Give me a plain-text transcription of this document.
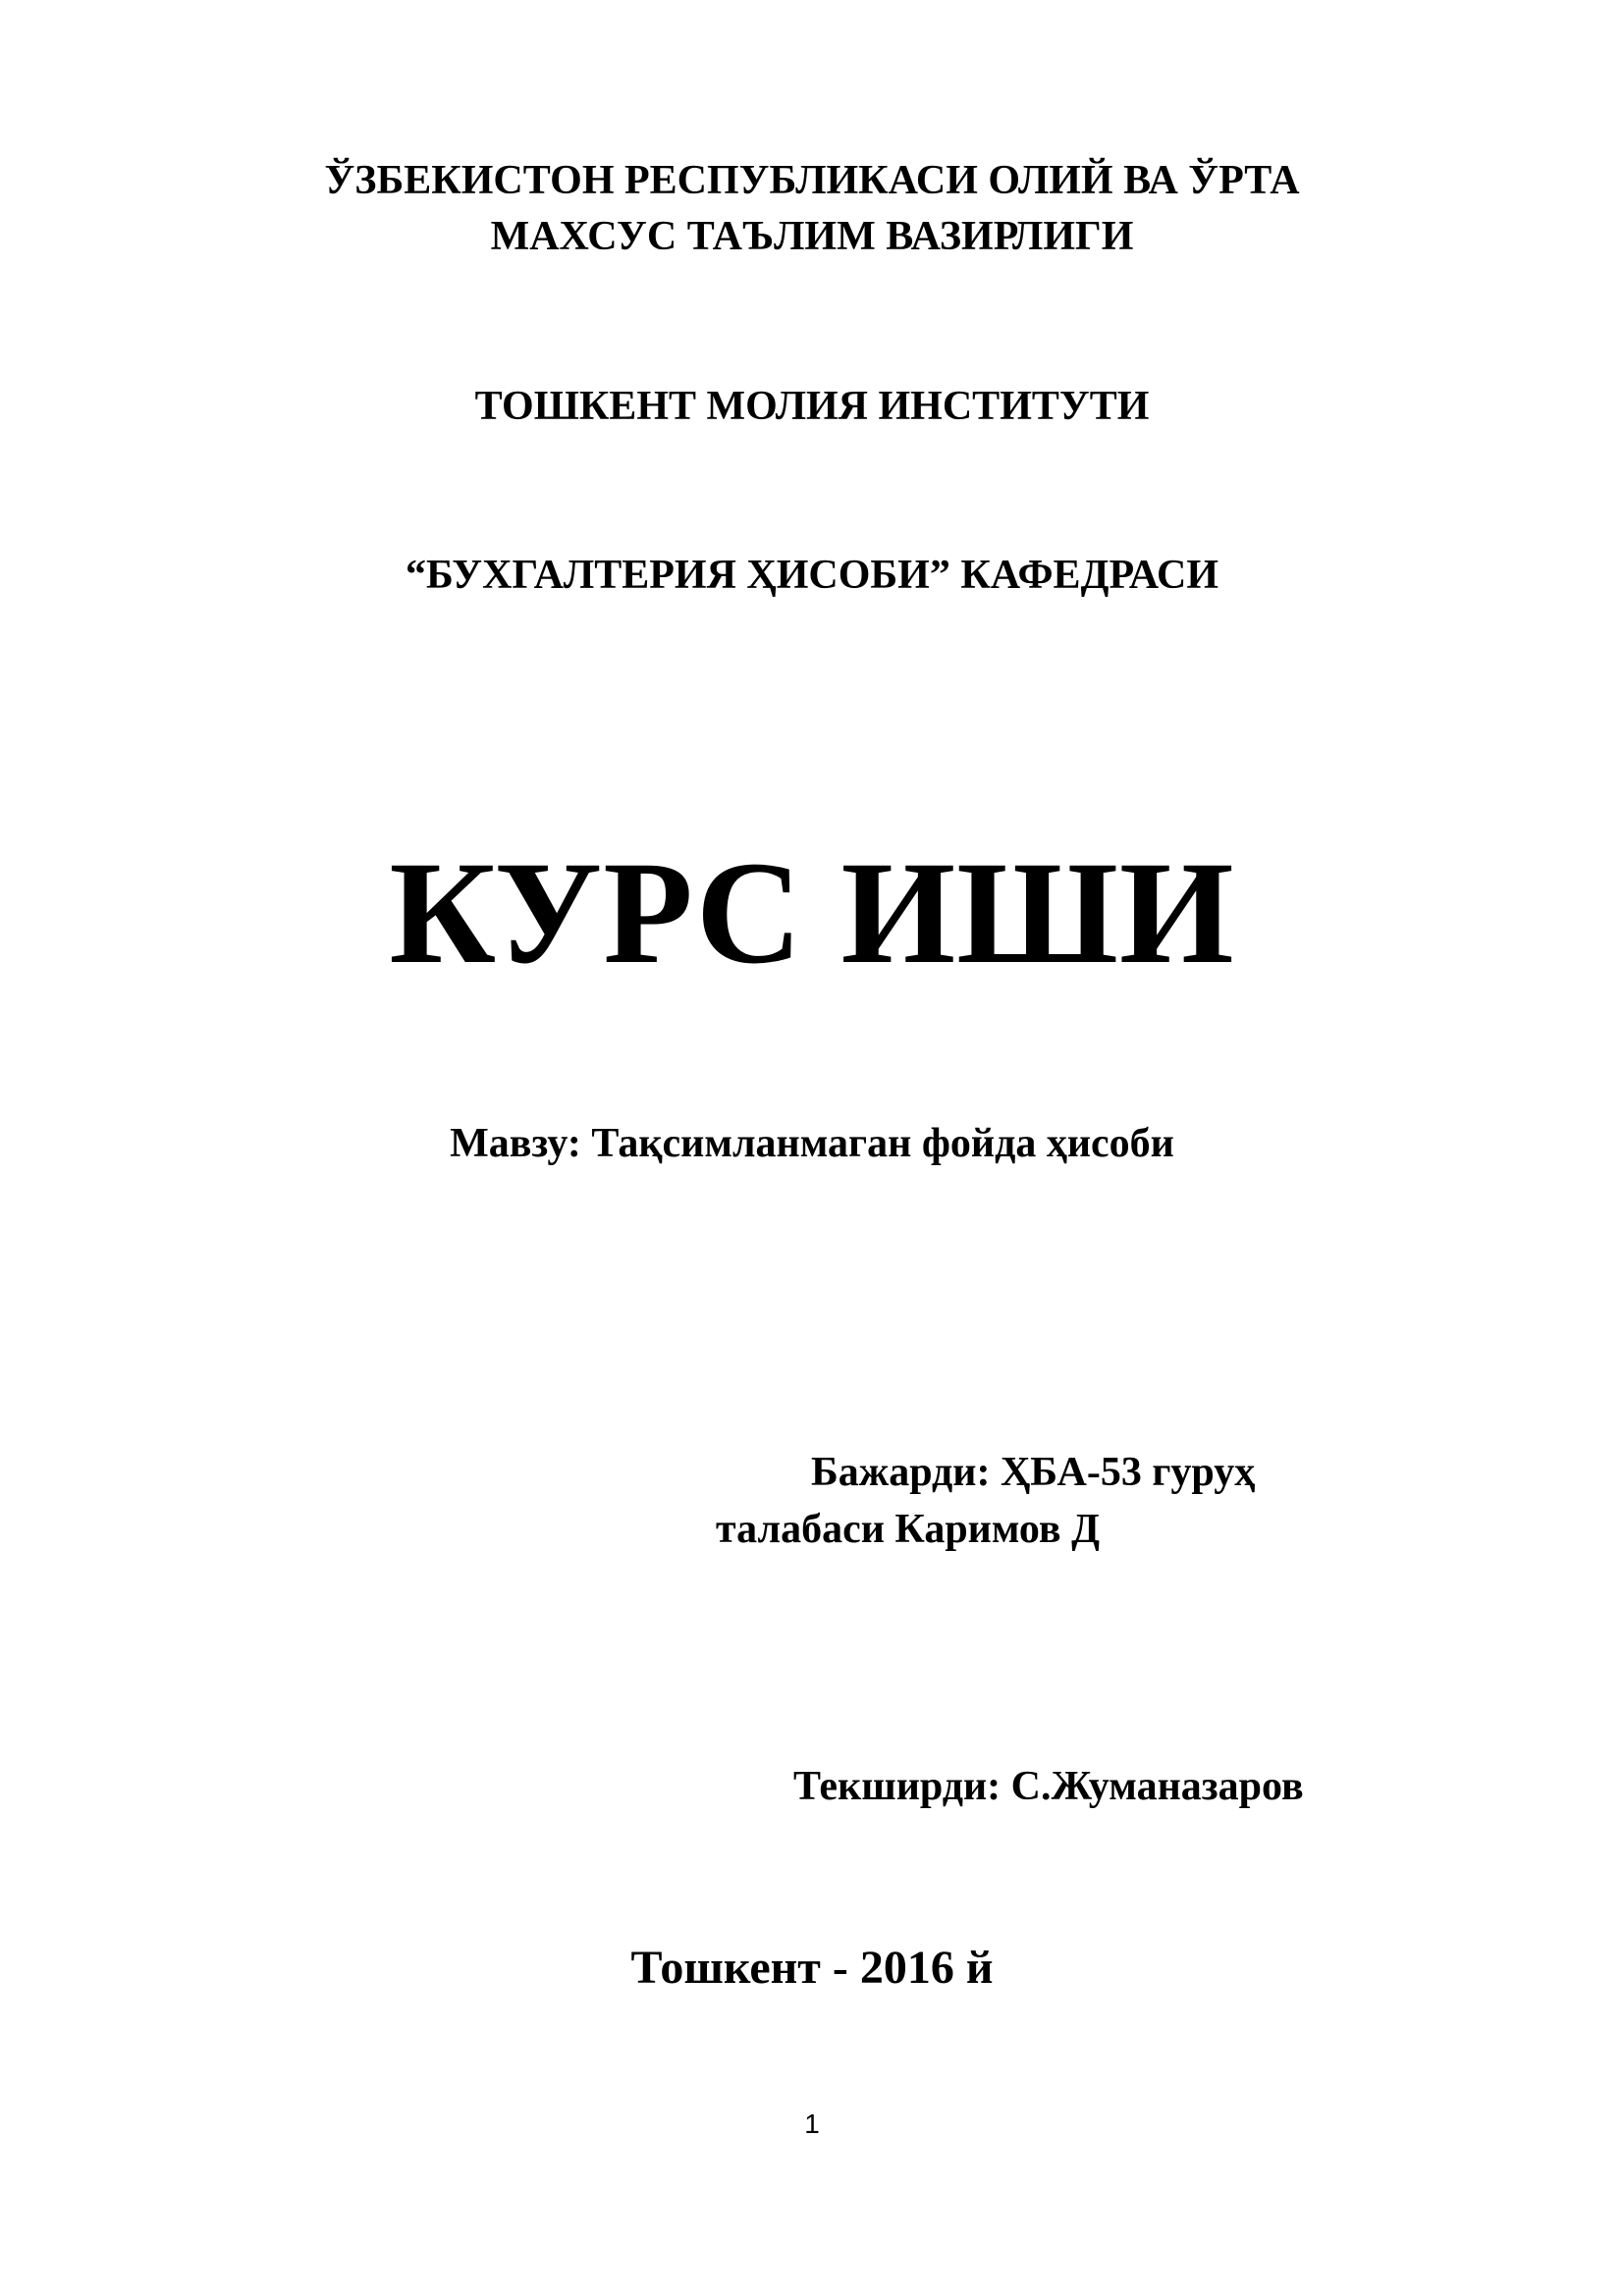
ЎЗБЕКИСТОН РЕСПУБЛИКАСИ ОЛИЙ ВА ЎРТА
МАХСУС ТАЪЛИМ ВАЗИРЛИГИ
ТОШКЕНТ МОЛИЯ ИНСТИТУТИ
“БУХГАЛТЕРИЯ ҲИСОБИ” КАФЕДРАСИ
КУРС ИШИ
Мавзу: Тақсимланмаган фойда ҳисоби
Бажарди: ҲБА-53 гуруҳ
талабаси Каримов Д
Текширди: С.Жуманазаров
Тошкент - 2016 й
1
